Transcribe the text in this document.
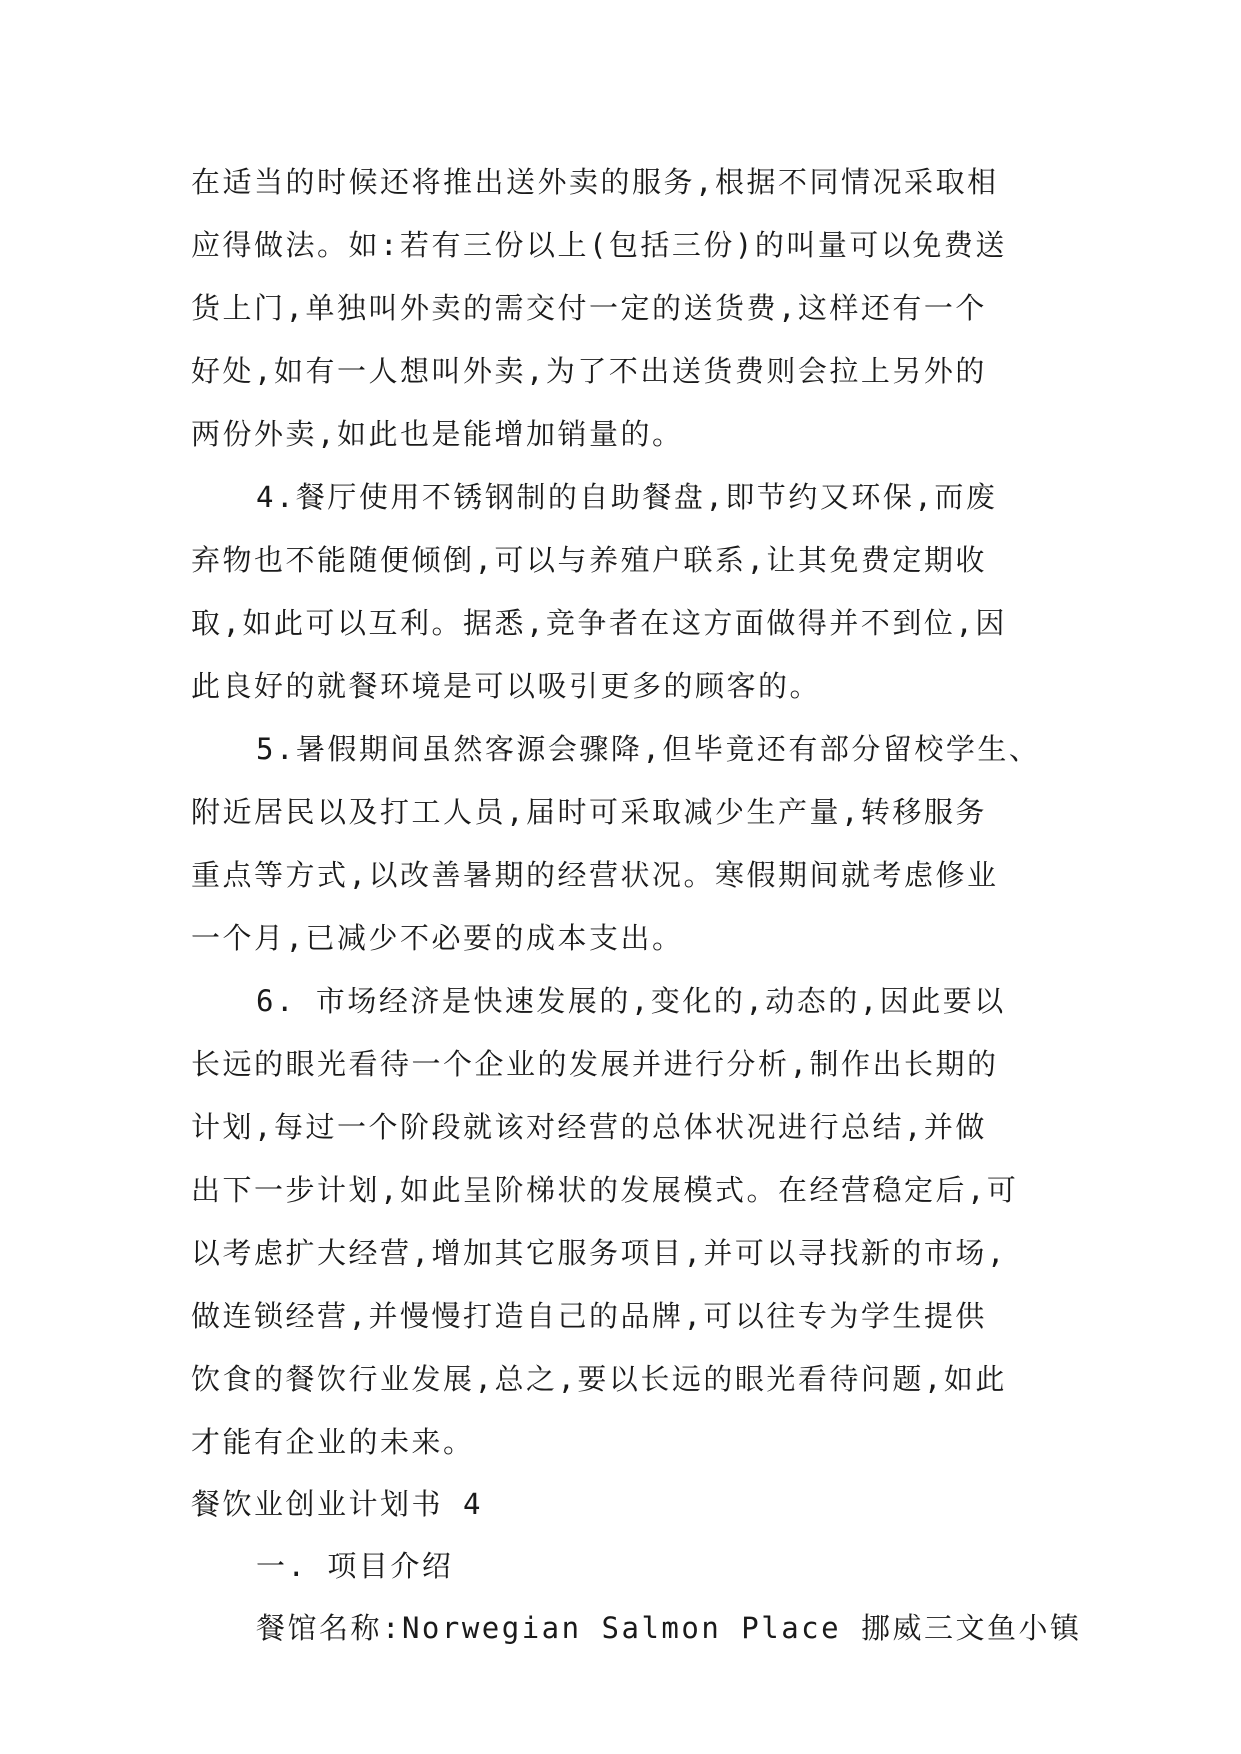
在适当的时候还将推出送外卖的服务,根据不同情况采取相
应得做法。如:若有三份以上(包括三份)的叫量可以免费送
货上门,单独叫外卖的需交付一定的送货费,这样还有一个
好处,如有一人想叫外卖,为了不出送货费则会拉上另外的
两份外卖,如此也是能增加销量的。
4.餐厅使用不锈钢制的自助餐盘,即节约又环保,而废
弃物也不能随便倾倒,可以与养殖户联系,让其免费定期收
取,如此可以互利。据悉,竞争者在这方面做得并不到位,因
此良好的就餐环境是可以吸引更多的顾客的。
5.暑假期间虽然客源会骤降,但毕竟还有部分留校学生、
附近居民以及打工人员,届时可采取减少生产量,转移服务
重点等方式,以改善暑期的经营状况。寒假期间就考虑修业
一个月,已减少不必要的成本支出。
6. 市场经济是快速发展的,变化的,动态的,因此要以
长远的眼光看待一个企业的发展并进行分析,制作出长期的
计划,每过一个阶段就该对经营的总体状况进行总结,并做
出下一步计划,如此呈阶梯状的发展模式。在经营稳定后,可
以考虑扩大经营,增加其它服务项目,并可以寻找新的市场,
做连锁经营,并慢慢打造自己的品牌,可以往专为学生提供
饮食的餐饮行业发展,总之,要以长远的眼光看待问题,如此
才能有企业的未来。
餐饮业创业计划书 4
一. 项目介绍
餐馆名称:Norwegian Salmon Place 挪威三文鱼小镇
